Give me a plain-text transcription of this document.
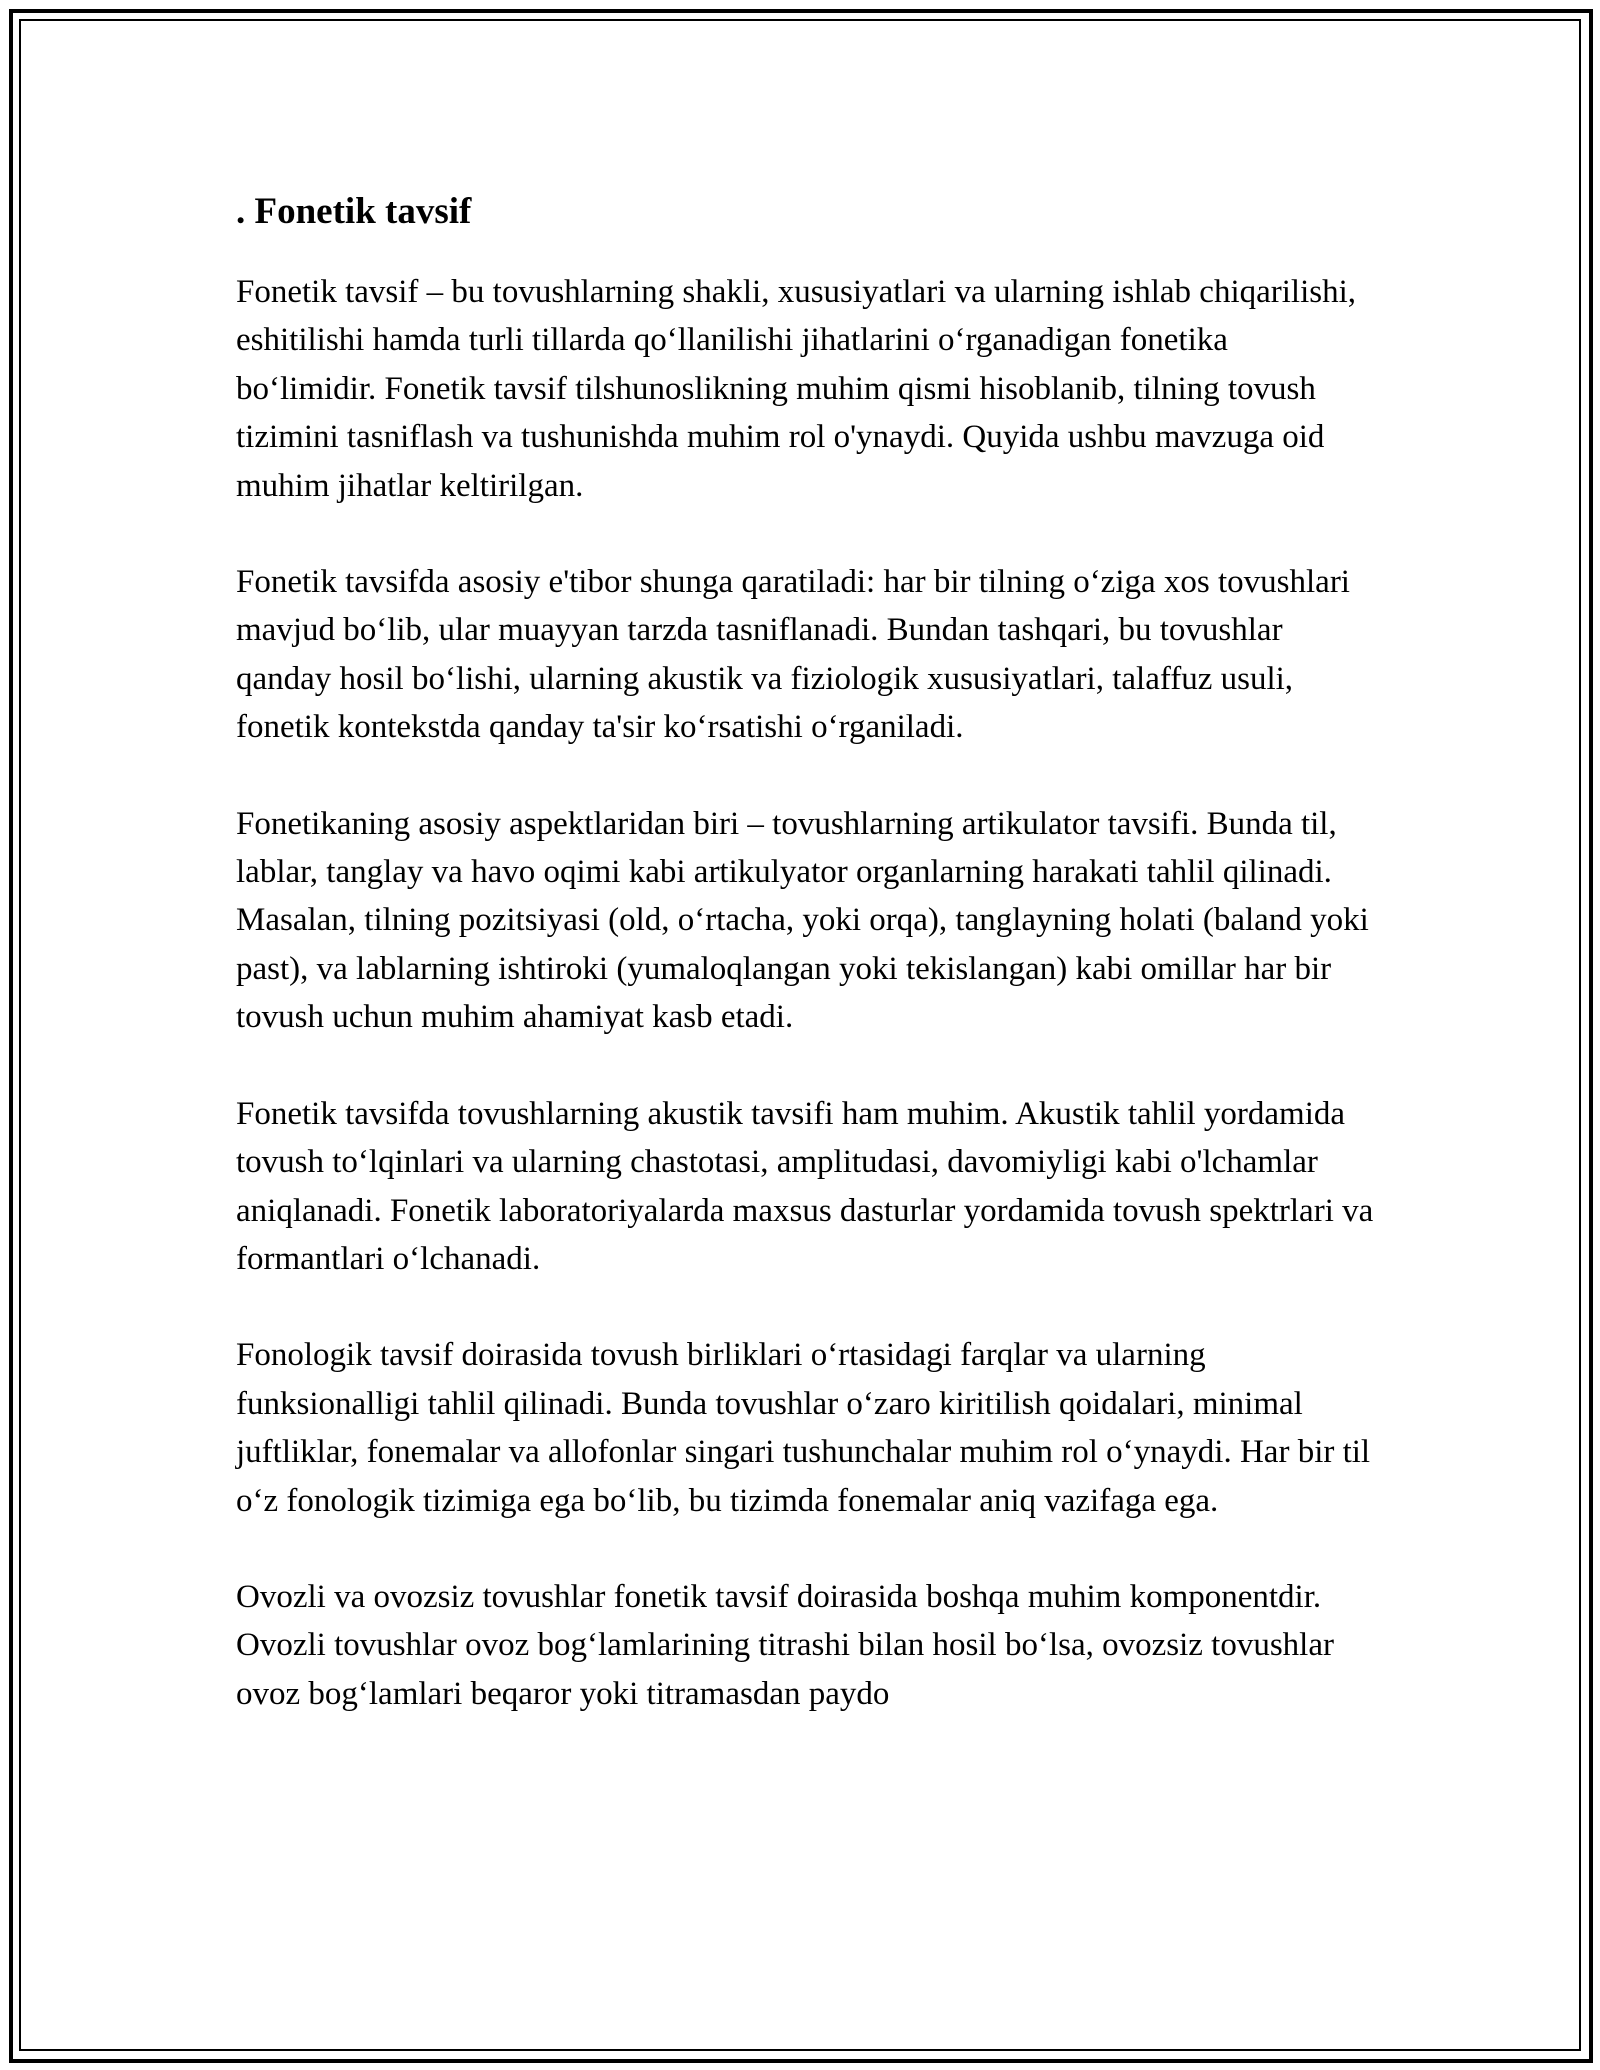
. Fonetik tavsif

Fonetik tavsif – bu tovushlarning shakli, xususiyatlari va ularning ishlab chiqarilishi, eshitilishi hamda turli tillarda qo‘llanilishi jihatlarini o‘rganadigan fonetika bo‘limidir. Fonetik tavsif tilshunoslikning muhim qismi hisoblanib, tilning tovush tizimini tasniflash va tushunishda muhim rol o'ynaydi. Quyida ushbu mavzuga oid muhim jihatlar keltirilgan.

Fonetik tavsifda asosiy e'tibor shunga qaratiladi: har bir tilning o‘ziga xos tovushlari mavjud bo‘lib, ular muayyan tarzda tasniflanadi. Bundan tashqari, bu tovushlar qanday hosil bo‘lishi, ularning akustik va fiziologik xususiyatlari, talaffuz usuli, fonetik kontekstda qanday ta'sir ko‘rsatishi o‘rganiladi.

Fonetikaning asosiy aspektlaridan biri – tovushlarning artikulator tavsifi. Bunda til, lablar, tanglay va havo oqimi kabi artikulyator organlarning harakati tahlil qilinadi. Masalan, tilning pozitsiyasi (old, o‘rtacha, yoki orqa), tanglayning holati (baland yoki past), va lablarning ishtiroki (yumaloqlangan yoki tekislangan) kabi omillar har bir tovush uchun muhim ahamiyat kasb etadi.

Fonetik tavsifda tovushlarning akustik tavsifi ham muhim. Akustik tahlil yordamida tovush to‘lqinlari va ularning chastotasi, amplitudasi, davomiyligi kabi o'lchamlar aniqlanadi. Fonetik laboratoriyalarda maxsus dasturlar yordamida tovush spektrlari va formantlari o‘lchanadi.

Fonologik tavsif doirasida tovush birliklari o‘rtasidagi farqlar va ularning funksionalligi tahlil qilinadi. Bunda tovushlar o‘zaro kiritilish qoidalari, minimal juftliklar, fonemalar va allofonlar singari tushunchalar muhim rol o‘ynaydi. Har bir til o‘z fonologik tizimiga ega bo‘lib, bu tizimda fonemalar aniq vazifaga ega.

Ovozli va ovozsiz tovushlar fonetik tavsif doirasida boshqa muhim komponentdir. Ovozli tovushlar ovoz bog‘lamlarining titrashi bilan hosil bo‘lsa, ovozsiz tovushlar ovoz bog‘lamlari beqaror yoki titramasdan paydo
